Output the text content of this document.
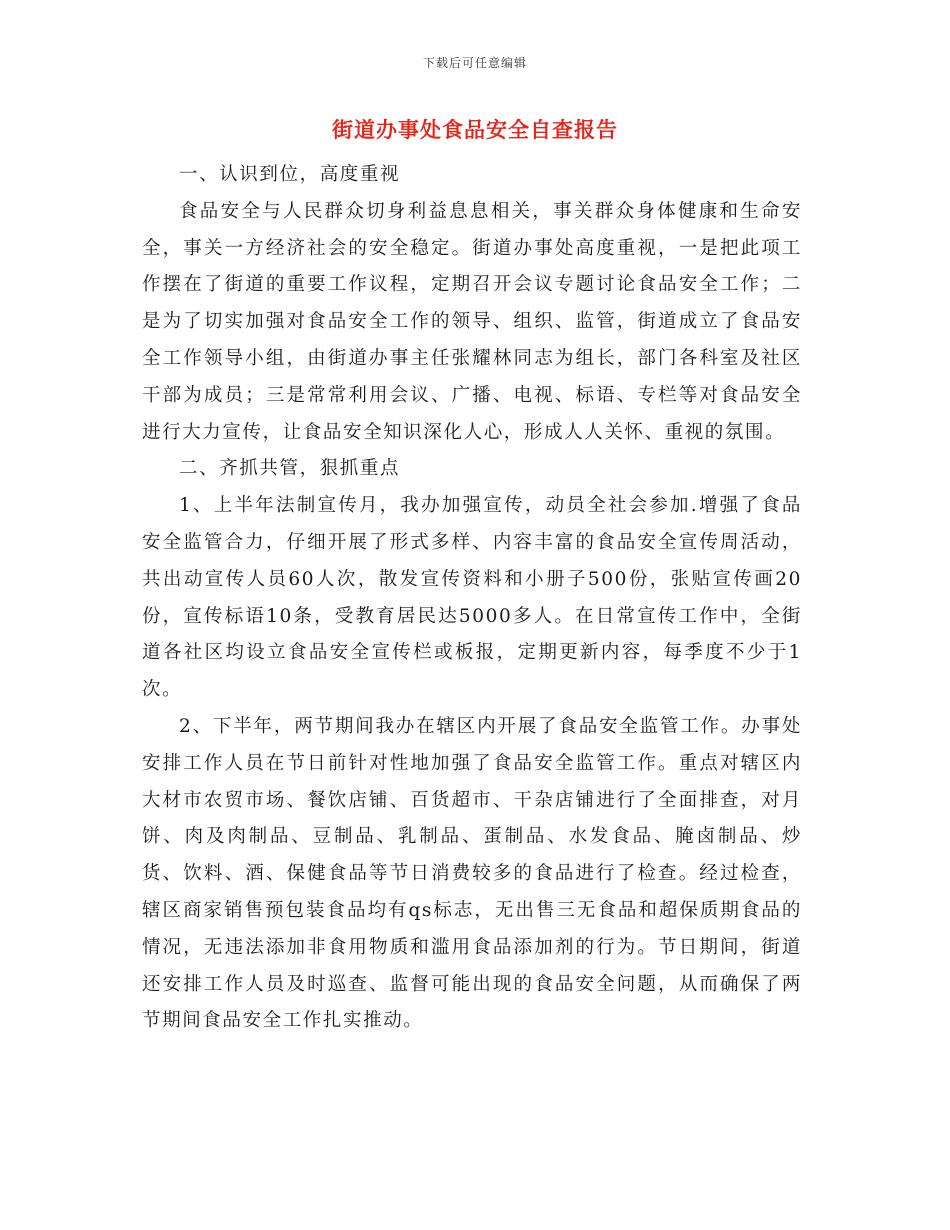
下载后可任意编辑
街道办事处食品安全自查报告

一、认识到位，高度重视

食品安全与人民群众切身利益息息相关，事关群众身体健康和生命安全，事关一方经济社会的安全稳定。街道办事处高度重视，一是把此项工作摆在了街道的重要工作议程，定期召开会议专题讨论食品安全工作；二是为了切实加强对食品安全工作的领导、组织、监管，街道成立了食品安全工作领导小组，由街道办事主任张耀林同志为组长，部门各科室及社区干部为成员；三是常常利用会议、广播、电视、标语、专栏等对食品安全进行大力宣传，让食品安全知识深化人心，形成人人关怀、重视的氛围。

二、齐抓共管，狠抓重点

1、上半年法制宣传月，我办加强宣传，动员全社会参加.增强了食品安全监管合力，仔细开展了形式多样、内容丰富的食品安全宣传周活动，共出动宣传人员60人次，散发宣传资料和小册子500份，张贴宣传画20份，宣传标语10条，受教育居民达5000多人。在日常宣传工作中，全街道各社区均设立食品安全宣传栏或板报，定期更新内容，每季度不少于1次。

2、下半年，两节期间我办在辖区内开展了食品安全监管工作。办事处安排工作人员在节日前针对性地加强了食品安全监管工作。重点对辖区内大材市农贸市场、餐饮店铺、百货超市、干杂店铺进行了全面排查，对月饼、肉及肉制品、豆制品、乳制品、蛋制品、水发食品、腌卤制品、炒货、饮料、酒、保健食品等节日消费较多的食品进行了检查。经过检查，辖区商家销售预包装食品均有qs标志，无出售三无食品和超保质期食品的情况，无违法添加非食用物质和滥用食品添加剂的行为。节日期间，街道还安排工作人员及时巡查、监督可能出现的食品安全问题，从而确保了两节期间食品安全工作扎实推动。
